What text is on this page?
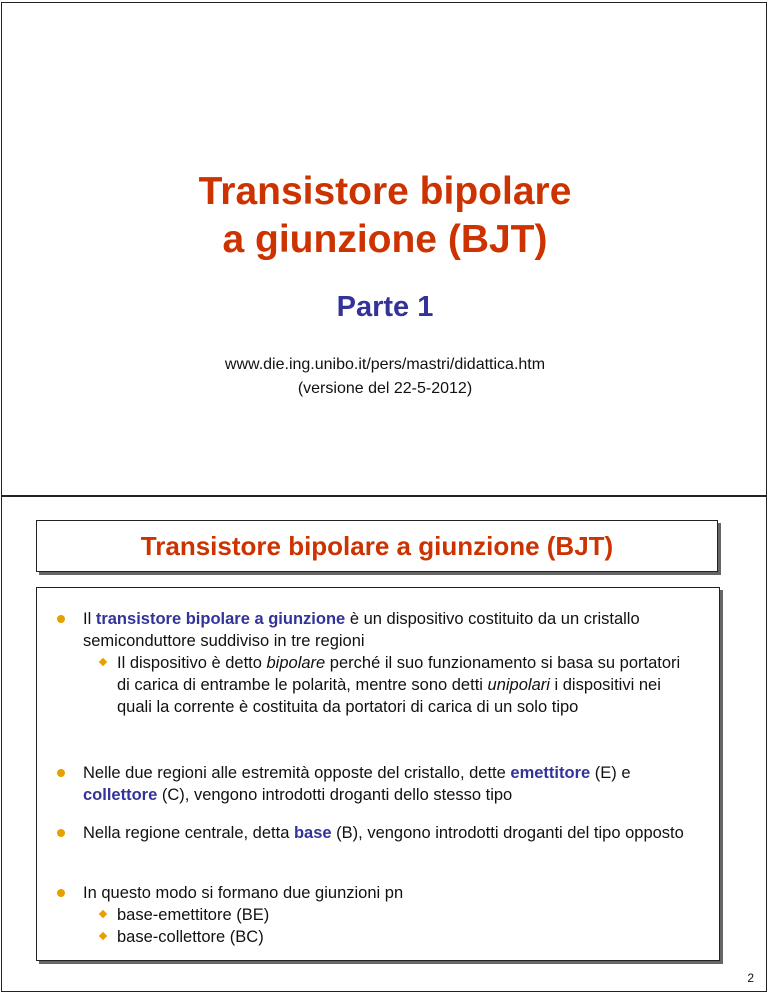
Transistore bipolare
a giunzione (BJT)
Parte 1
www.die.ing.unibo.it/pers/mastri/didattica.htm
(versione del 22-5-2012)
Transistore bipolare a giunzione (BJT)
Il transistore bipolare a giunzione è un dispositivo costituito da un cristallo semiconduttore suddiviso in tre regioni
Il dispositivo è detto bipolare perché il suo funzionamento si basa su portatori di carica di entrambe le polarità, mentre sono detti unipolari i dispositivi nei quali la corrente è costituita da portatori di carica di un solo tipo
Nelle due regioni alle estremità opposte del cristallo, dette emettitore (E) e collettore (C), vengono introdotti droganti dello stesso tipo
Nella regione centrale, detta base (B), vengono introdotti droganti del tipo opposto
In questo modo si formano due giunzioni pn
base-emettitore (BE)
base-collettore (BC)
2
